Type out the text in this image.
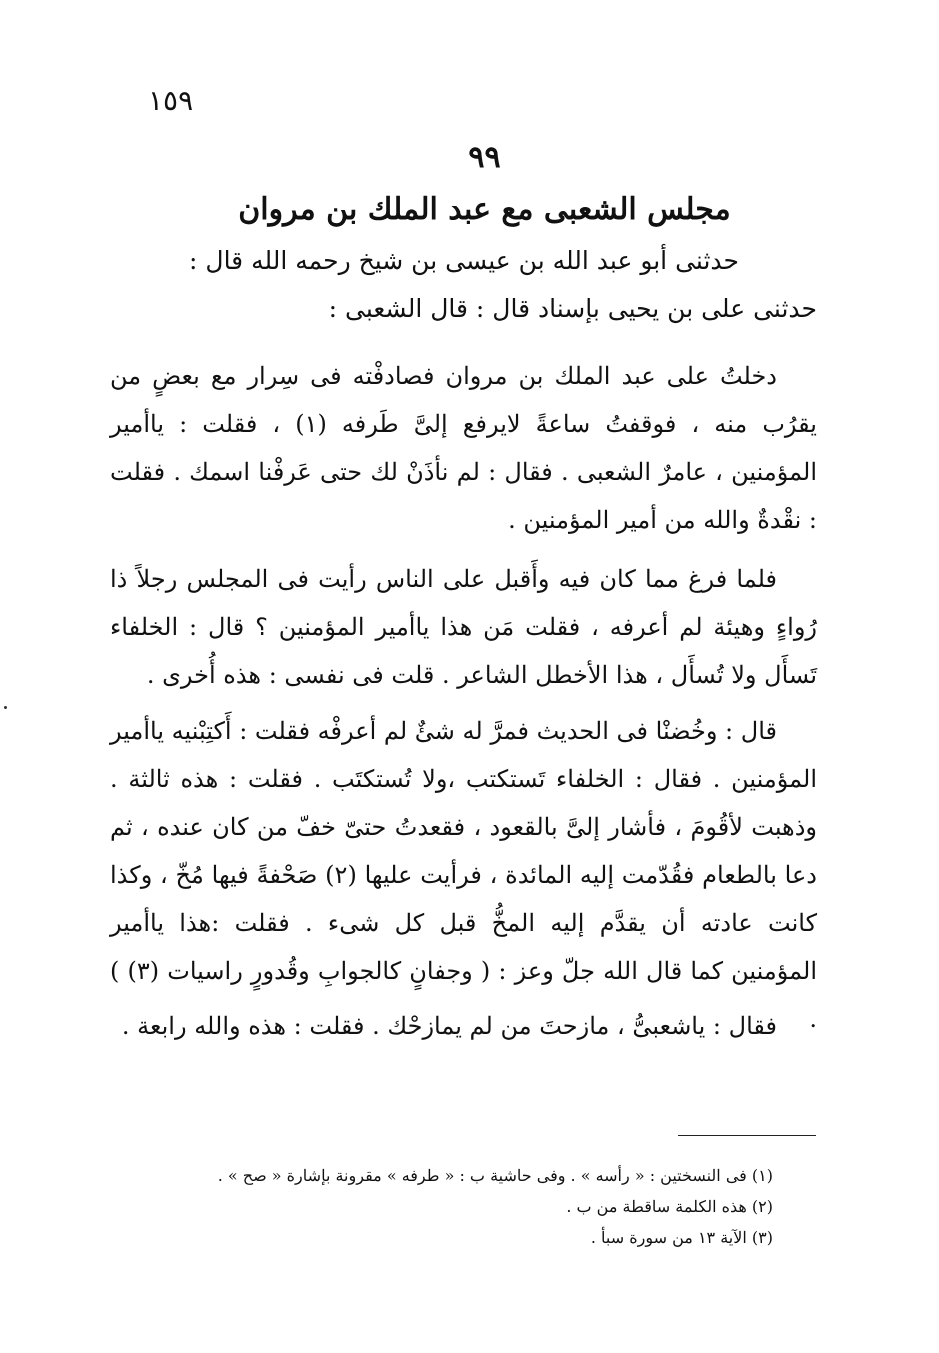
١٥٩
٩٩
مجلس الشعبى مع عبد الملك بن مروان
حدثنى أبو عبد الله بن عيسى بن شيخ رحمه الله قال :
حدثنى على بن يحيى بإسناد قال : قال الشعبى :

دخلتُ على عبد الملك بن مروان فصادفْته فى سِرار مع بعضٍ من يقرُب منه ، فوقفتُ ساعةً لايرفع إلىَّ طَرفه (١) ، فقلت : ياأمير المؤمنين ، عامرٌ الشعبى . فقال : لم نأذَنْ لك حتى عَرفْنا اسمك . فقلت : نقْدةٌ والله من أمير المؤمنين .

فلما فرغ مما كان فيه وأَقبل على الناس رأيت فى المجلس رجلاً ذا رُواءٍ وهيئة لم أعرفه ، فقلت مَن هذا ياأمير المؤمنين ؟ قال : الخلفاء تَسأَل ولا تُسأَل ، هذا الأخطل الشاعر . قلت فى نفسى : هذه أُخرى .

قال : وخُضنْا فى الحديث فمرَّ له شئٌ لم أعرفْه فقلت : أَكتِبْنيه ياأمير المؤمنين . فقال : الخلفاء تَستكتب ،ولا تُستكتَب . فقلت : هذه ثالثة . وذهبت لأقُومَ ، فأشار إلىَّ بالقعود ، فقعدتُ حتىّ خفّ من كان عنده ، ثم دعا بالطعام فقُدّمت إليه المائدة ، فرأيت عليها (٢) صَحْفةً فيها مُخّ ، وكذا كانت عادته أن يقدَّم إليه المخُّ قبل كل شىء . فقلت :هذا ياأمير المؤمنين كما قال الله جلّ وعز : ( وجفانٍ كالجوابِ وقُدورٍ راسيات (٣) ) .

فقال : ياشعبىُّ ، مازحتَ من لم يمازحْك . فقلت : هذه والله رابعة .

(١) فى النسختين : « رأسه » . وفى حاشية ب : « طرفه » مقرونة بإشارة « صح » .
(٢) هذه الكلمة ساقطة من ب .
(٣) الآية ١٣ من سورة سبأ .
